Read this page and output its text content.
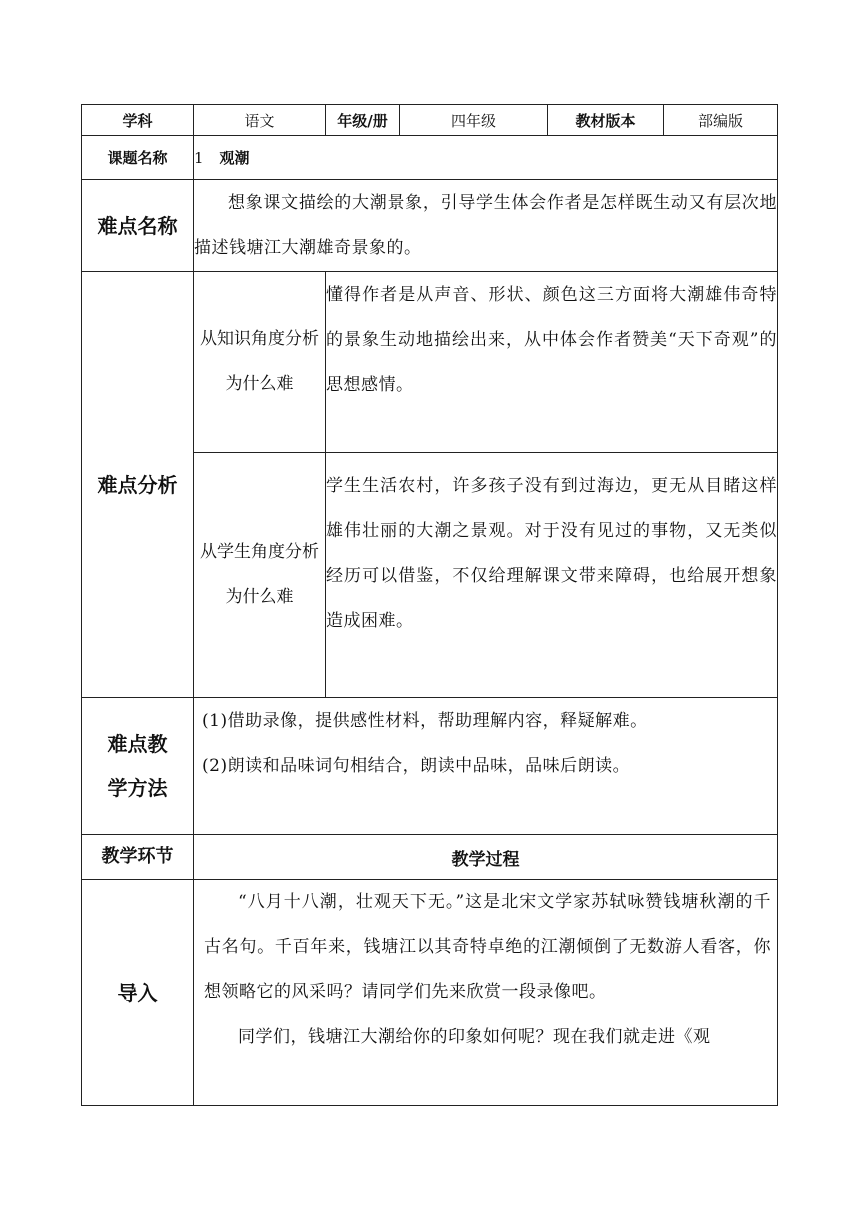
学科	语文	年级/册	四年级	教材版本	部编版
课题名称	1 观潮				
难点名称	想象课文描绘的大潮景象，引导学生体会作者是怎样既生动又有层次地描述钱塘江大潮雄奇景象的。				
难点分析	从知识角度分析为什么难	懂得作者是从声音、形状、颜色这三方面将大潮雄伟奇特的景象生动地描绘出来，从中体会作者赞美“天下奇观”的思想感情。			
	从学生角度分析为什么难	学生生活农村，许多孩子没有到过海边，更无从目睹这样雄伟壮丽的大潮之景观。对于没有见过的事物，又无类似经历可以借鉴，不仅给理解课文带来障碍，也给展开想象造成困难。			
难点教学方法	(1)借助录像，提供感性材料，帮助理解内容，释疑解难。
(2)朗读和品味词句相结合，朗读中品味，品味后朗读。				

教学环节	教学过程				
导入	“八月十八潮，壮观天下无。”这是北宋文学家苏轼咏赞钱塘秋潮的千古名句。千百年来，钱塘江以其奇特卓绝的江潮倾倒了无数游人看客，你想领略它的风采吗？请同学们先来欣赏一段录像吧。
同学们，钱塘江大潮给你的印象如何呢？现在我们就走进《观				
